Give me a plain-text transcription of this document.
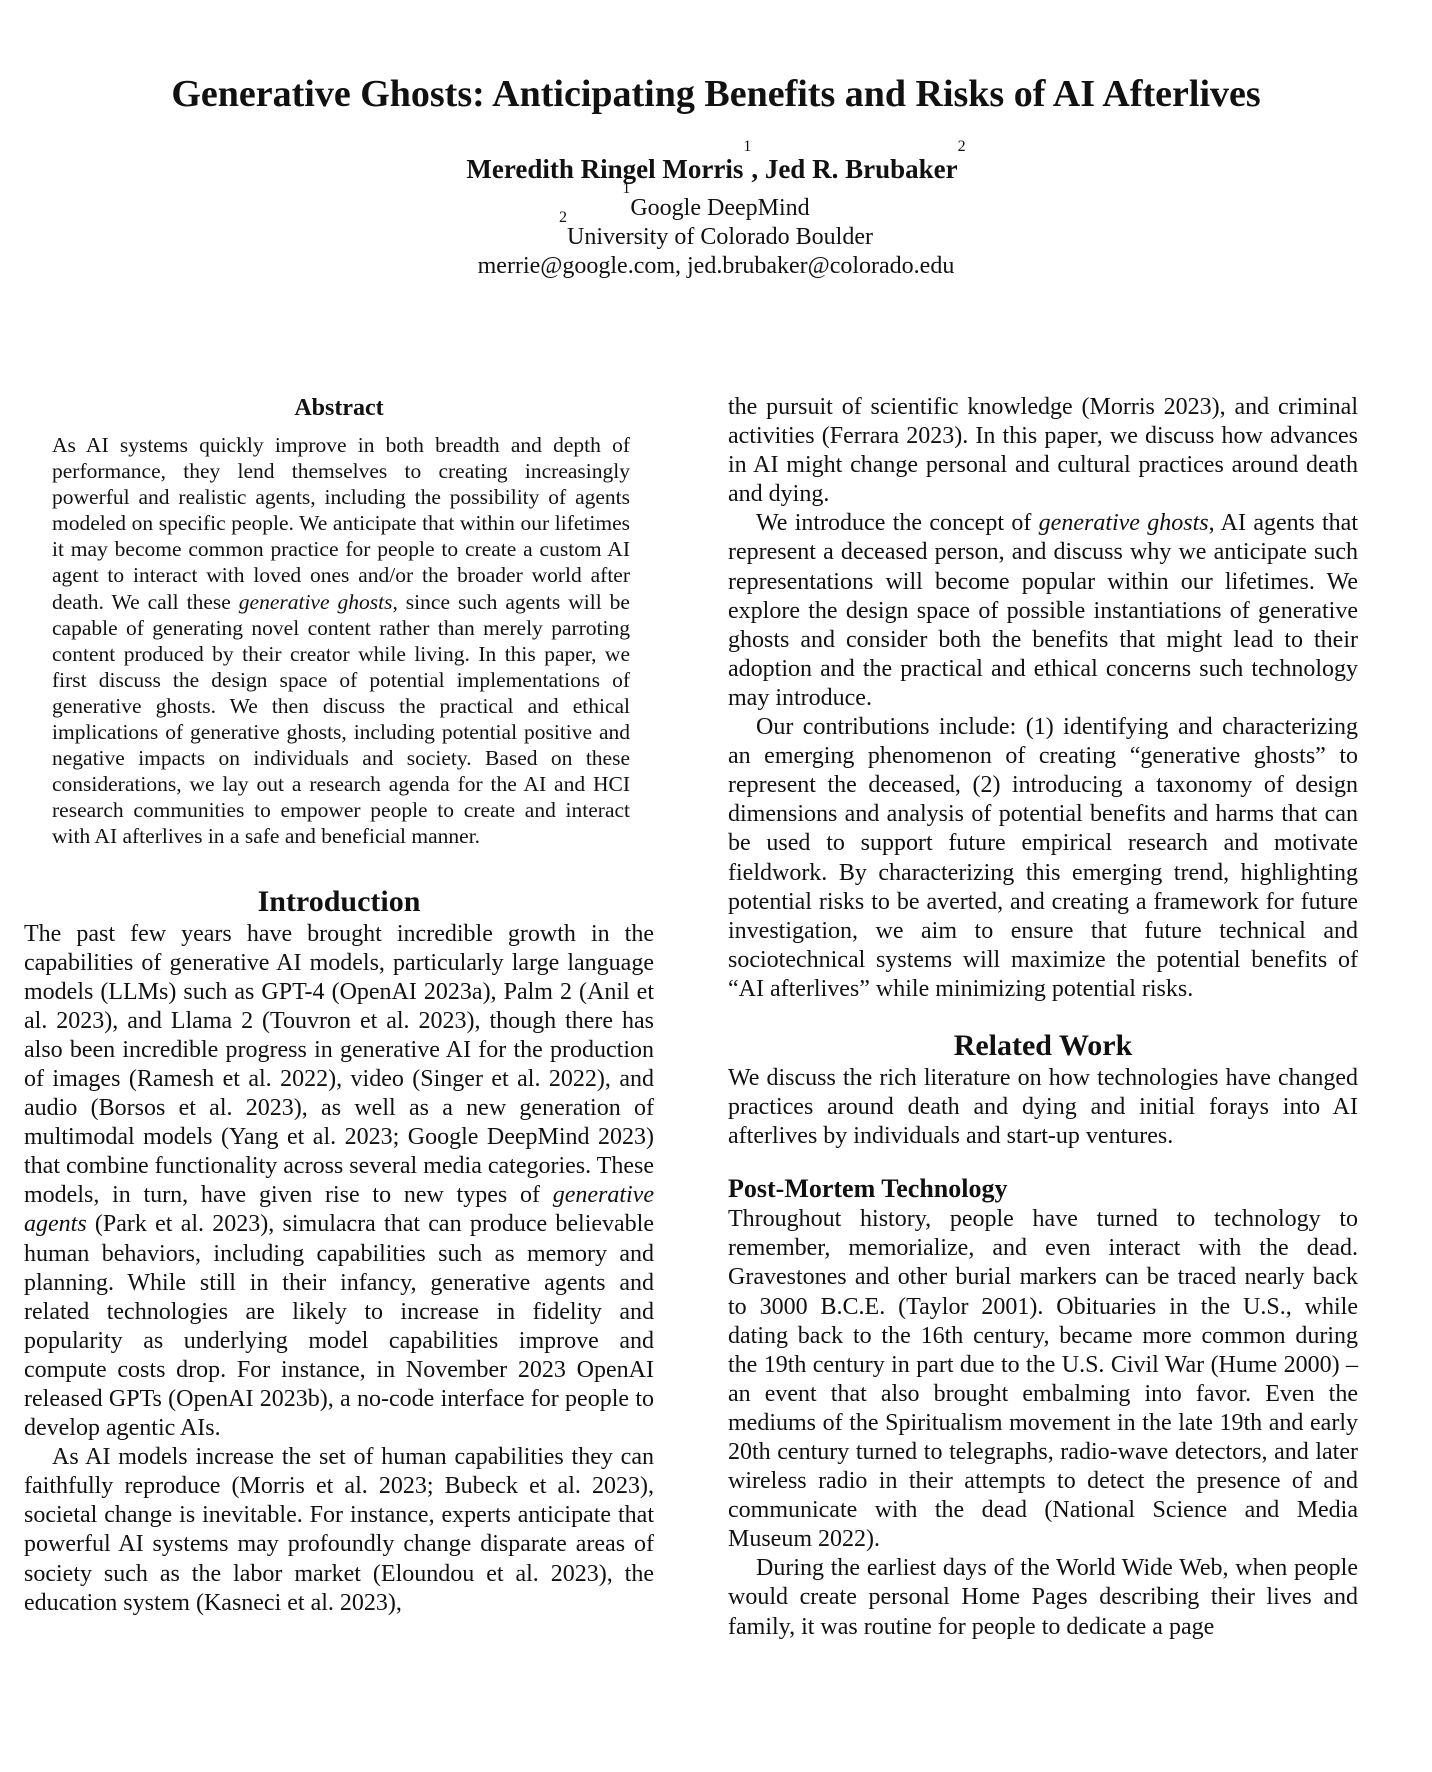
Generative Ghosts: Anticipating Benefits and Risks of AI Afterlives
Meredith Ringel Morris$^1$, Jed R. Brubaker$^2$
$^1$Google DeepMind
$^2$University of Colorado Boulder
merrie@google.com, jed.brubaker@colorado.edu
Abstract

As AI systems quickly improve in both breadth and depth of performance, they lend themselves to creating increasingly powerful and realistic agents, including the possibility of agents modeled on specific people. We anticipate that within our lifetimes it may become common practice for people to create a custom AI agent to interact with loved ones and/or the broader world after death. We call these generative ghosts, since such agents will be capable of generating novel content rather than merely parroting content produced by their creator while living. In this paper, we first discuss the design space of potential implementations of generative ghosts. We then discuss the practical and ethical implications of generative ghosts, including potential positive and negative impacts on individuals and society. Based on these considerations, we lay out a research agenda for the AI and HCI research communities to empower people to create and interact with AI afterlives in a safe and beneficial manner.

Introduction

The past few years have brought incredible growth in the capabilities of generative AI models, particularly large language models (LLMs) such as GPT-4 (OpenAI 2023a), Palm 2 (Anil et al. 2023), and Llama 2 (Touvron et al. 2023), though there has also been incredible progress in generative AI for the production of images (Ramesh et al. 2022), video (Singer et al. 2022), and audio (Borsos et al. 2023), as well as a new generation of multimodal models (Yang et al. 2023; Google DeepMind 2023) that combine functionality across several media categories. These models, in turn, have given rise to new types of generative agents (Park et al. 2023), simulacra that can produce believable human behaviors, including capabilities such as memory and planning. While still in their infancy, generative agents and related technologies are likely to increase in fidelity and popularity as underlying model capabilities improve and compute costs drop. For instance, in November 2023 OpenAI released GPTs (OpenAI 2023b), a no-code interface for people to develop agentic AIs.

As AI models increase the set of human capabilities they can faithfully reproduce (Morris et al. 2023; Bubeck et al. 2023), societal change is inevitable. For instance, experts anticipate that powerful AI systems may profoundly change disparate areas of society such as the labor market (Eloundou et al. 2023), the education system (Kasneci et al. 2023),

the pursuit of scientific knowledge (Morris 2023), and criminal activities (Ferrara 2023). In this paper, we discuss how advances in AI might change personal and cultural practices around death and dying.

We introduce the concept of generative ghosts, AI agents that represent a deceased person, and discuss why we anticipate such representations will become popular within our lifetimes. We explore the design space of possible instantiations of generative ghosts and consider both the benefits that might lead to their adoption and the practical and ethical concerns such technology may introduce.

Our contributions include: (1) identifying and characterizing an emerging phenomenon of creating “generative ghosts” to represent the deceased, (2) introducing a taxonomy of design dimensions and analysis of potential benefits and harms that can be used to support future empirical research and motivate fieldwork. By characterizing this emerging trend, highlighting potential risks to be averted, and creating a framework for future investigation, we aim to ensure that future technical and sociotechnical systems will maximize the potential benefits of “AI afterlives” while minimizing potential risks.

Related Work

We discuss the rich literature on how technologies have changed practices around death and dying and initial forays into AI afterlives by individuals and start-up ventures.

Post-Mortem Technology

Throughout history, people have turned to technology to remember, memorialize, and even interact with the dead. Gravestones and other burial markers can be traced nearly back to 3000 B.C.E. (Taylor 2001). Obituaries in the U.S., while dating back to the 16th century, became more common during the 19th century in part due to the U.S. Civil War (Hume 2000) – an event that also brought embalming into favor. Even the mediums of the Spiritualism movement in the late 19th and early 20th century turned to telegraphs, radio-wave detectors, and later wireless radio in their attempts to detect the presence of and communicate with the dead (National Science and Media Museum 2022).

During the earliest days of the World Wide Web, when people would create personal Home Pages describing their lives and family, it was routine for people to dedicate a page
